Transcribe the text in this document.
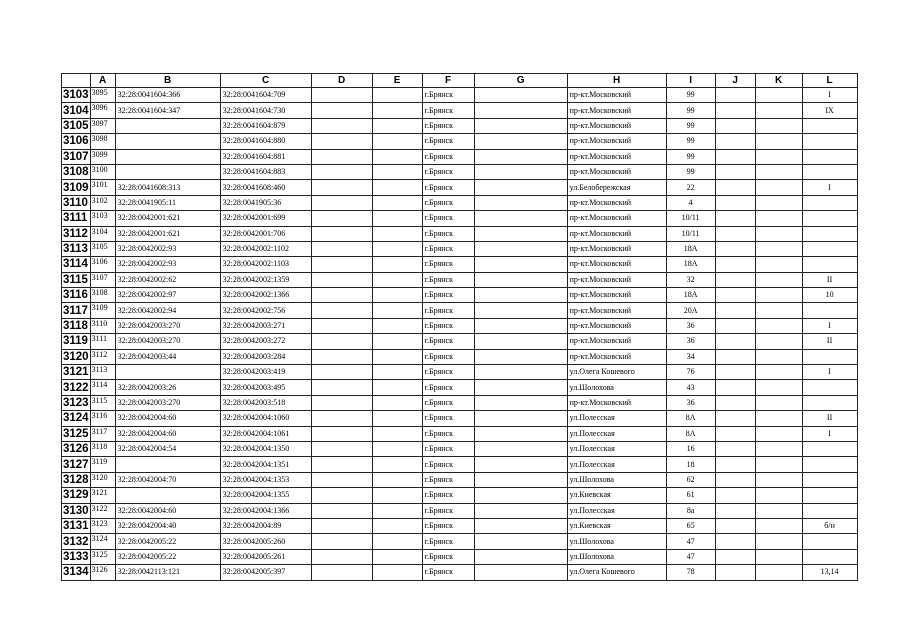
	A	B	C	D	E	F	G	H	I	J	K	L
3103	3095	32:28:0041604:366	32:28:0041604:709			г.Брянск		пр-кт.Московский	99			I
3104	3096	32:28:0041604:347	32:28:0041604:730			г.Брянск		пр-кт.Московский	99			IX
3105	3097		32:28:0041604:879			г.Брянск		пр-кт.Московский	99			
3106	3098		32:28:0041604:880			г.Брянск		пр-кт.Московский	99			
3107	3099		32:28:0041604:881			г.Брянск		пр-кт.Московский	99			
3108	3100		32:28:0041604:883			г.Брянск		пр-кт.Московский	99			
3109	3101	32:28:0041608:313	32:28:0041608:460			г.Брянск		ул.Белобережская	22			I
3110	3102	32:28:0041905:11	32:28:0041905:36			г.Брянск		пр-кт.Московский	4			
3111	3103	32:28:0042001:621	32:28:0042001:699			г.Брянск		пр-кт.Московский	10/11			
3112	3104	32:28:0042001:621	32:28:0042001:706			г.Брянск		пр-кт.Московский	10/11			
3113	3105	32:28:0042002:93	32:28:0042002:1102			г.Брянск		пр-кт.Московский	18А			
3114	3106	32:28:0042002:93	32:28:0042002:1103			г.Брянск		пр-кт.Московский	18А			
3115	3107	32:28:0042002:62	32:28:0042002:1359			г.Брянск		пр-кт.Московский	32			II
3116	3108	32:28:0042002:97	32:28:0042002:1366			г.Брянск		пр-кт.Московский	18А			10
3117	3109	32:28:0042002:94	32:28:0042002:756			г.Брянск		пр-кт.Московский	20А			
3118	3110	32:28:0042003:270	32:28:0042003:271			г.Брянск		пр-кт.Московский	36			I
3119	3111	32:28:0042003:270	32:28:0042003:272			г.Брянск		пр-кт.Московский	36			II
3120	3112	32:28:0042003:44	32:28:0042003:284			г.Брянск		пр-кт.Московский	34			
3121	3113		32:28:0042003:419			г.Брянск		ул.Олега Кошевого	76			I
3122	3114	32:28:0042003:26	32:28:0042003:495			г.Брянск		ул.Шолохова	43			
3123	3115	32:28:0042003:270	32:28:0042003:518			г.Брянск		пр-кт.Московский	36			
3124	3116	32:28:0042004:60	32:28:0042004:1060			г.Брянск		ул.Полесская	8А			II
3125	3117	32:28:0042004:60	32:28:0042004:1061			г.Брянск		ул.Полесская	8А			I
3126	3118	32:28:0042004:54	32:28:0042004:1350			г.Брянск		ул.Полесская	16			
3127	3119		32:28:0042004:1351			г.Брянск		ул.Полесская	18			
3128	3120	32:28:0042004:70	32:28:0042004:1353			г.Брянск		ул.Шолохова	62			
3129	3121		32:28:0042004:1355			г.Брянск		ул.Киевская	61			
3130	3122	32:28:0042004:60	32:28:0042004:1366			г.Брянск		ул.Полесская	8а			
3131	3123	32:28:0042004:40	32:28:0042004:89			г.Брянск		ул.Киевская	65			б/н
3132	3124	32:28:0042005:22	32:28:0042005:260			г.Брянск		ул.Шолохова	47			
3133	3125	32:28:0042005:22	32:28:0042005:261			г.Брянск		ул.Шолохова	47			
3134	3126	32:28:0042113:121	32:28:0042005:397			г.Брянск		ул.Олега Кошевого	78			13,14
